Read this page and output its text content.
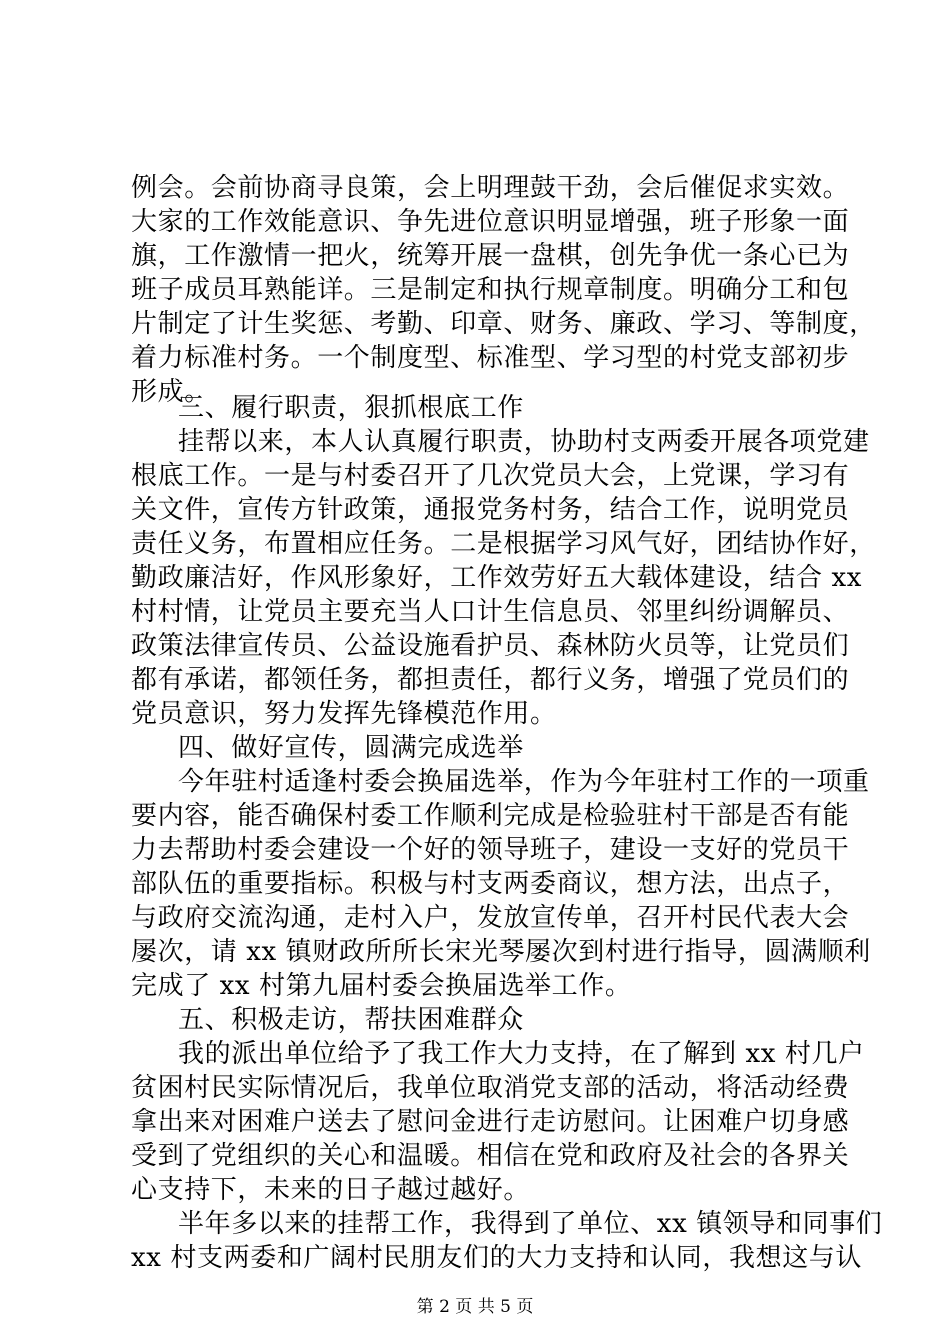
例会。会前协商寻良策，会上明理鼓干劲，会后催促求实效。
大家的工作效能意识、争先进位意识明显增强，班子形象一面
旗，工作激情一把火，统筹开展一盘棋，创先争优一条心已为
班子成员耳熟能详。三是制定和执行规章制度。明确分工和包
片制定了计生奖惩、考勤、印章、财务、廉政、学习、等制度，
着力标准村务。一个制度型、标准型、学习型的村党支部初步
形成。
三、履行职责，狠抓根底工作
挂帮以来，本人认真履行职责，协助村支两委开展各项党建
根底工作。一是与村委召开了几次党员大会，上党课，学习有
关文件，宣传方针政策，通报党务村务，结合工作，说明党员
责任义务，布置相应任务。二是根据学习风气好，团结协作好，
勤政廉洁好，作风形象好，工作效劳好五大载体建设，结合 xx
村村情，让党员主要充当人口计生信息员、邻里纠纷调解员、
政策法律宣传员、公益设施看护员、森林防火员等，让党员们
都有承诺，都领任务，都担责任，都行义务，增强了党员们的
党员意识，努力发挥先锋模范作用。
四、做好宣传，圆满完成选举
今年驻村适逢村委会换届选举，作为今年驻村工作的一项重
要内容，能否确保村委工作顺利完成是检验驻村干部是否有能
力去帮助村委会建设一个好的领导班子，建设一支好的党员干
部队伍的重要指标。积极与村支两委商议，想方法，出点子，
与政府交流沟通，走村入户，发放宣传单，召开村民代表大会
屡次，请 xx 镇财政所所长宋光琴屡次到村进行指导，圆满顺利
完成了 xx 村第九届村委会换届选举工作。
五、积极走访，帮扶困难群众
我的派出单位给予了我工作大力支持，在了解到 xx 村几户
贫困村民实际情况后，我单位取消党支部的活动，将活动经费
拿出来对困难户送去了慰问金进行走访慰问。让困难户切身感
受到了党组织的关心和温暖。相信在党和政府及社会的各界关
心支持下，未来的日子越过越好。
半年多以来的挂帮工作，我得到了单位、xx 镇领导和同事们
xx 村支两委和广阔村民朋友们的大力支持和认同，我想这与认
第 2 页 共 5 页
